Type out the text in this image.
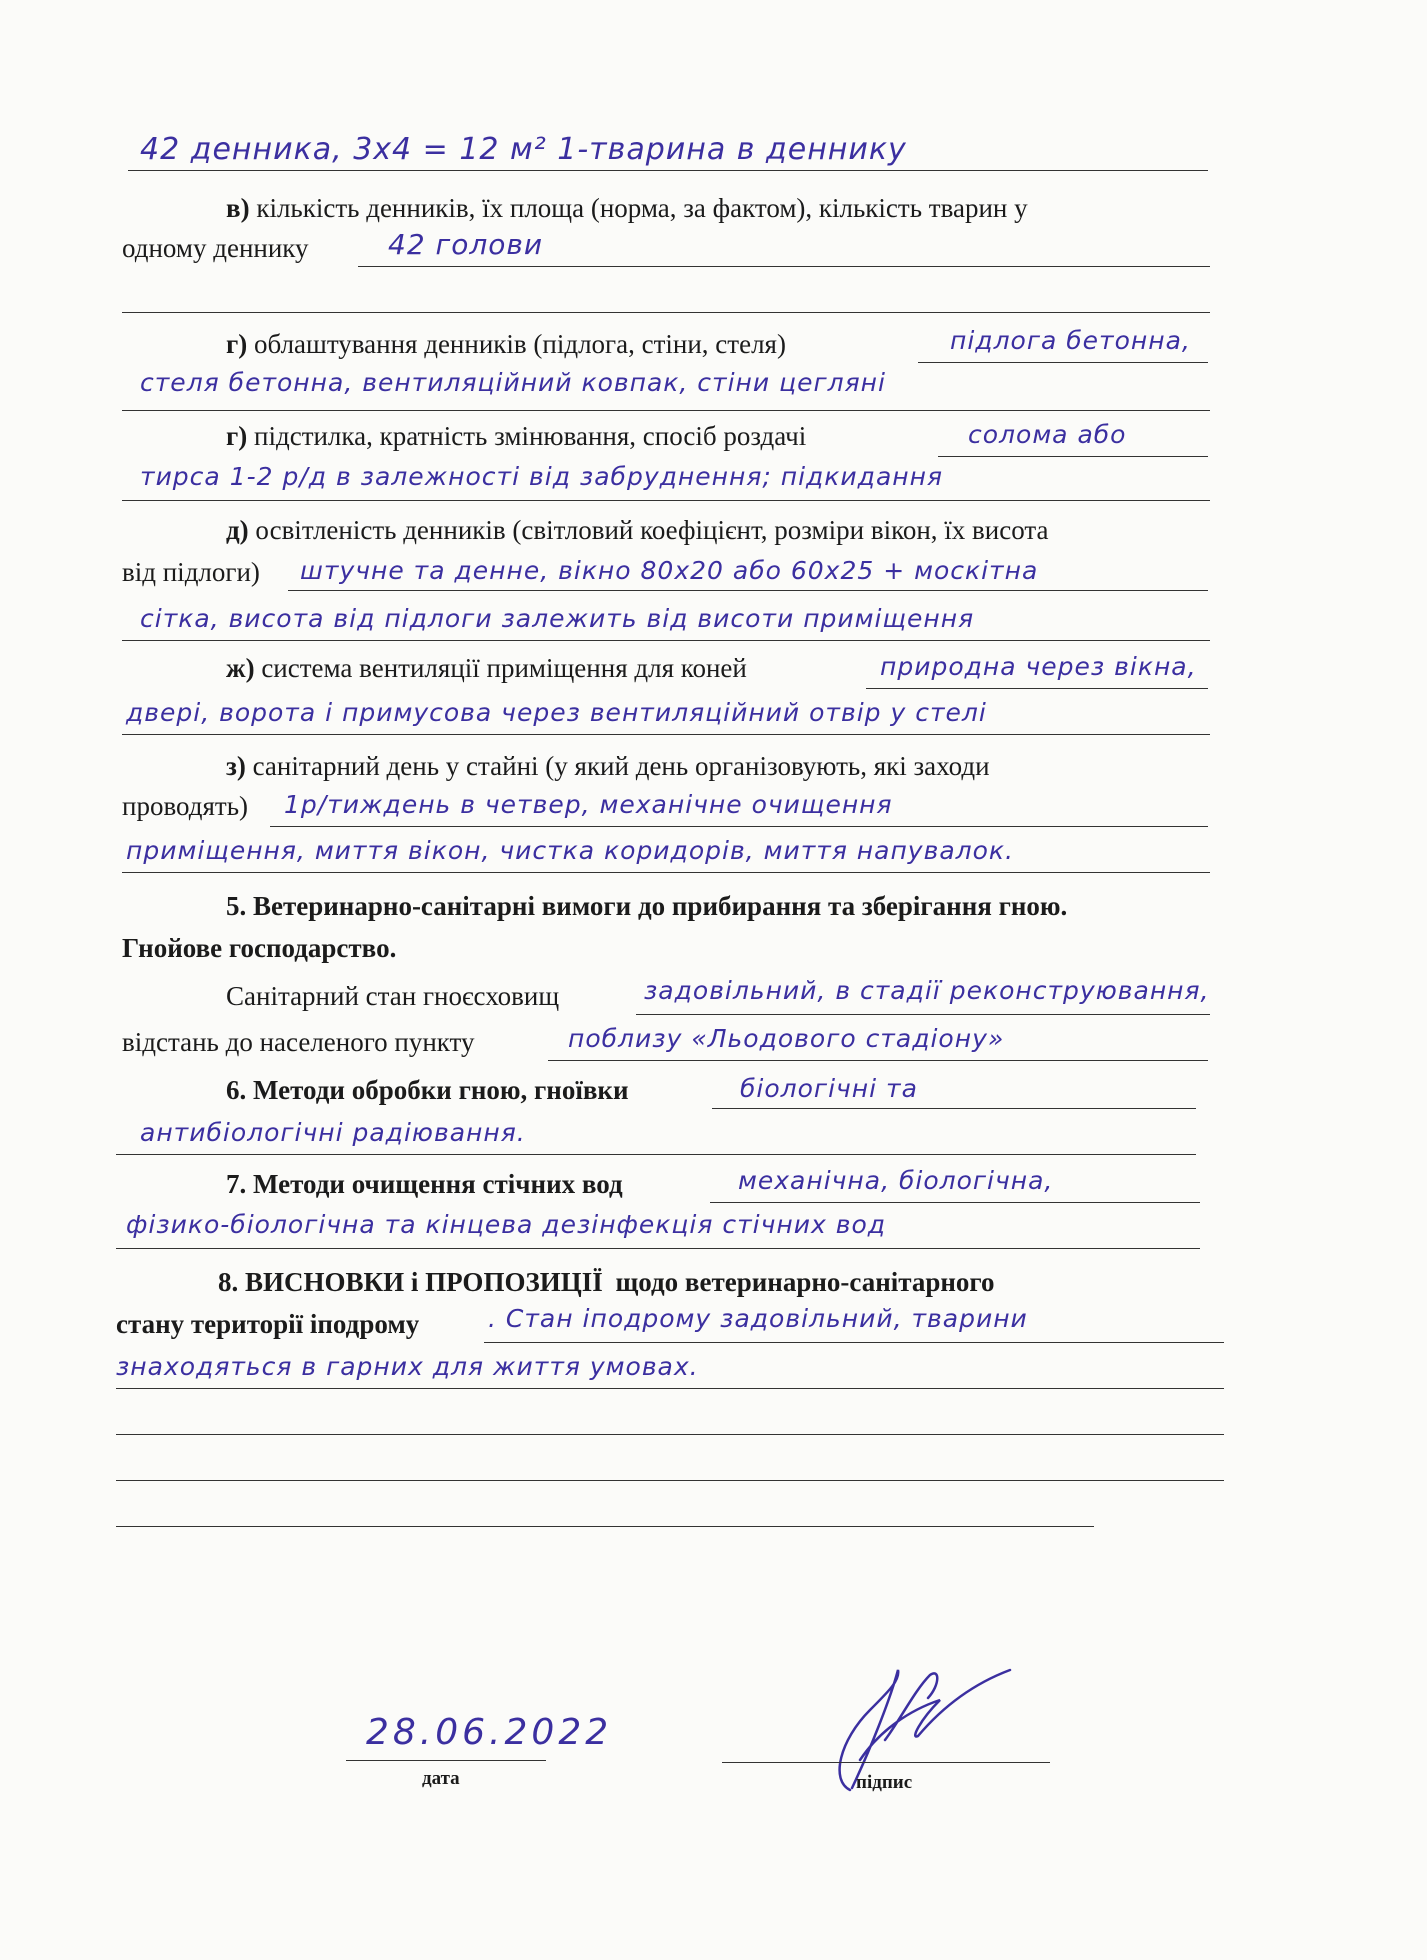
42 денника, 3х4 = 12 м² 1-тварина в деннику
в) кількість денників, їх площа (норма, за фактом), кількість тварин у
одному деннику	42 голови
г) облаштування денників (підлога, стіни, стеля)	підлога бетонна,
стеля бетонна, вентиляційний ковпак, стіни цегляні
г) підстилка, кратність змінювання, спосіб роздачі	солома або
тирса 1-2 р/д в залежності від забруднення; підкидання
д) освітленість денників (світловий коефіцієнт, розміри вікон, їх висота
від підлоги) штучне та денне, вікно 80х20 або 60х25 + москітна
сітка, висота від підлоги залежить від висоти приміщення
ж) система вентиляції приміщення для коней	природна через вікна,
двері, ворота і примусова через вентиляційний отвір у стелі
з) санітарний день у стайні (у який день організовують, які заходи
проводять) 1р/тиждень в четвер, механічне очищення
приміщення, миття вікон, чистка коридорів, миття напувалок.
5. Ветеринарно-санітарні вимоги до прибирання та зберігання гною.
Гнойове господарство.
Санітарний стан гноєсховищ	задовільний, в стадії реконструювання,
відстань до населеного пункту	поблизу «Льодового стадіону»
6. Методи обробки гною, гноївки	біологічні та
антибіологічні радіювання.
7. Методи очищення стічних вод	механічна, біологічна,
фізико-біологічна та кінцева дезінфекція стічних вод
8. ВИСНОВКИ і ПРОПОЗИЦІЇ щодо ветеринарно-санітарного
стану території іподрому	. Стан іподрому задовільний, тварини
знаходяться в гарних для життя умовах.
28.06.2022
дата	підпис
